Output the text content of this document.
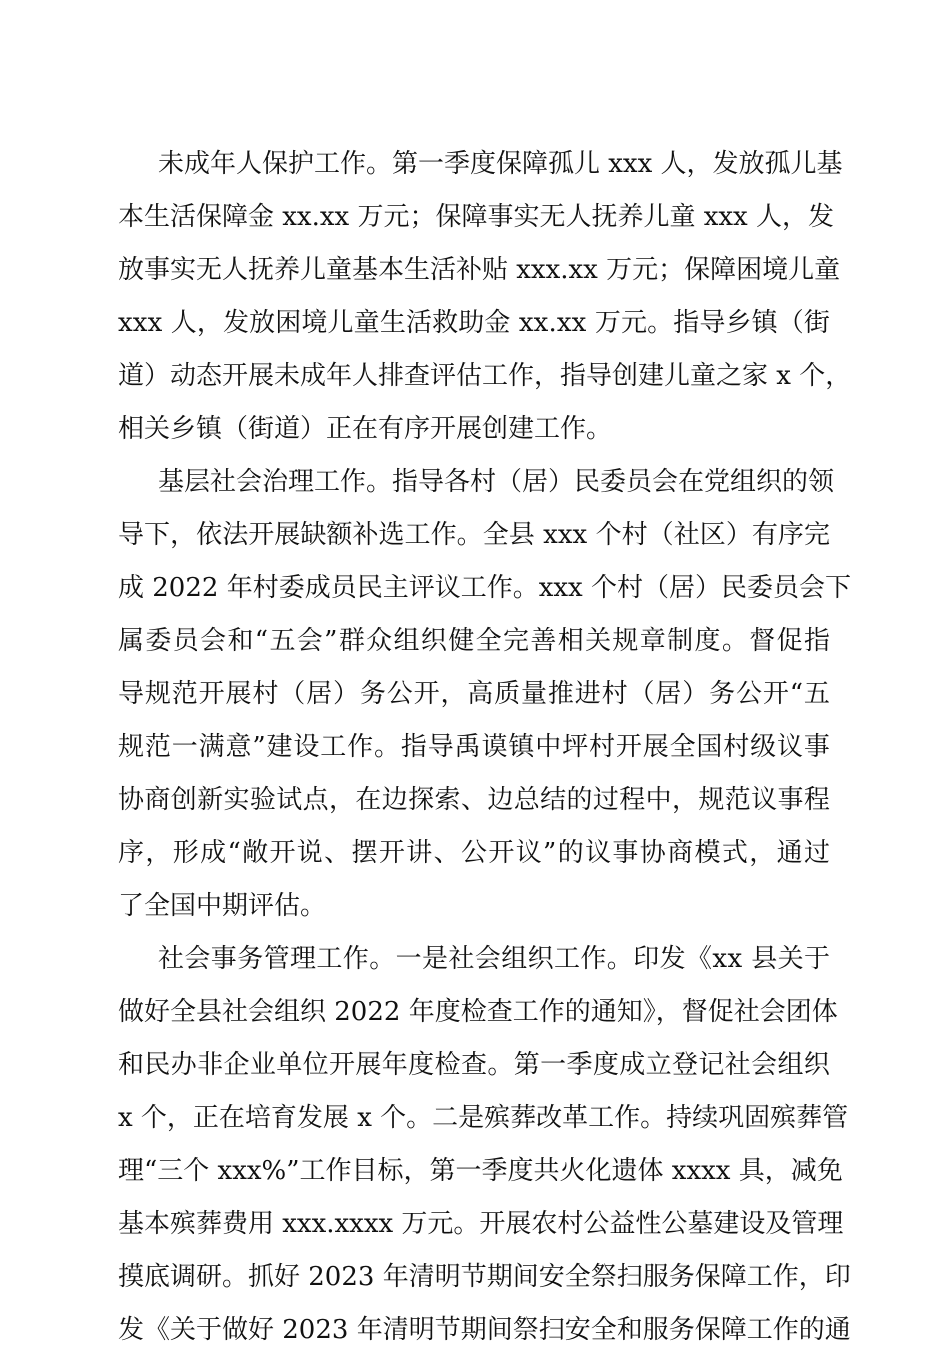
未成年人保护工作。第一季度保障孤儿 xxx 人，发放孤儿基
本生活保障金 xx.xx 万元；保障事实无人抚养儿童 xxx 人，发
放事实无人抚养儿童基本生活补贴 xxx.xx 万元；保障困境儿童
xxx 人，发放困境儿童生活救助金 xx.xx 万元。指导乡镇（街
道）动态开展未成年人排查评估工作，指导创建儿童之家 x 个，
相关乡镇（街道）正在有序开展创建工作。
基层社会治理工作。指导各村（居）民委员会在党组织的领
导下，依法开展缺额补选工作。全县 xxx 个村（社区）有序完
成 2022 年村委成员民主评议工作。xxx 个村（居）民委员会下
属委员会和“五会”群众组织健全完善相关规章制度。督促指
导规范开展村（居）务公开，高质量推进村（居）务公开“五
规范一满意”建设工作。指导禹谟镇中坪村开展全国村级议事
协商创新实验试点，在边探索、边总结的过程中，规范议事程
序，形成“敞开说、摆开讲、公开议”的议事协商模式，通过
了全国中期评估。
社会事务管理工作。一是社会组织工作。印发《xx 县关于
做好全县社会组织 2022 年度检查工作的通知》，督促社会团体
和民办非企业单位开展年度检查。第一季度成立登记社会组织
x 个，正在培育发展 x 个。二是殡葬改革工作。持续巩固殡葬管
理“三个 xxx%”工作目标，第一季度共火化遗体 xxxx 具，减免
基本殡葬费用 xxx.xxxx 万元。开展农村公益性公墓建设及管理
摸底调研。抓好 2023 年清明节期间安全祭扫服务保障工作，印
发《关于做好 2023 年清明节期间祭扫安全和服务保障工作的通
